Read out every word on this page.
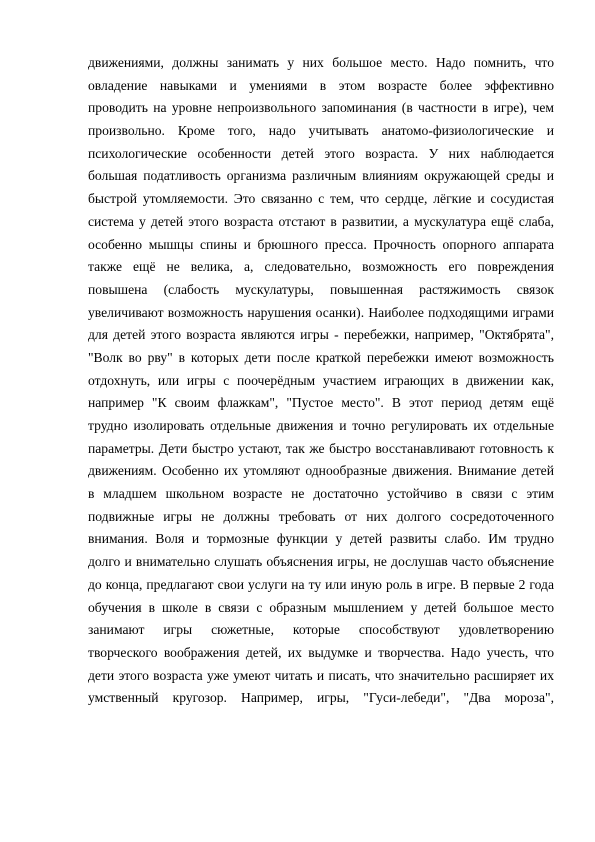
движениями, должны занимать у них большое место. Надо помнить, что
овладение навыками и умениями в этом возрасте более эффективно
проводить на уровне непроизвольного запоминания (в частности в игре), чем
произвольно. Кроме того, надо учитывать анатомо-физиологические и
психологические особенности детей этого возраста. У них наблюдается
большая податливость организма различным влияниям окружающей среды и
быстрой утомляемости. Это связанно с тем, что сердце, лёгкие и сосудистая
система у детей этого возраста отстают в развитии, а мускулатура ещё слаба,
особенно мышцы спины и брюшного пресса. Прочность опорного аппарата
также ещё не велика, а, следовательно, возможность его повреждения
повышена (слабость мускулатуры, повышенная растяжимость связок
увеличивают возможность нарушения осанки). Наиболее подходящими играми
для детей этого возраста являются игры - перебежки, например, "Октябрята",
"Волк во рву" в которых дети после краткой перебежки имеют возможность
отдохнуть, или игры с поочерёдным участием играющих в движении как,
например "К своим флажкам", "Пустое место". В этот период детям ещё
трудно изолировать отдельные движения и точно регулировать их отдельные
параметры. Дети быстро устают, так же быстро восстанавливают готовность к
движениям. Особенно их утомляют однообразные движения. Внимание детей
в младшем школьном возрасте не достаточно устойчиво в связи с этим
подвижные игры не должны требовать от них долгого сосредоточенного
внимания. Воля и тормозные функции у детей развиты слабо. Им трудно
долго и внимательно слушать объяснения игры, не дослушав часто объяснение
до конца, предлагают свои услуги на ту или иную роль в игре. В первые 2 года
обучения в школе в связи с образным мышлением у детей большое место
занимают игры сюжетные, которые способствуют удовлетворению
творческого воображения детей, их выдумке и творчества. Надо учесть, что
дети этого возраста уже умеют читать и писать, что значительно расширяет их
умственный кругозор. Например, игры, "Гуси-лебеди", "Два мороза",
